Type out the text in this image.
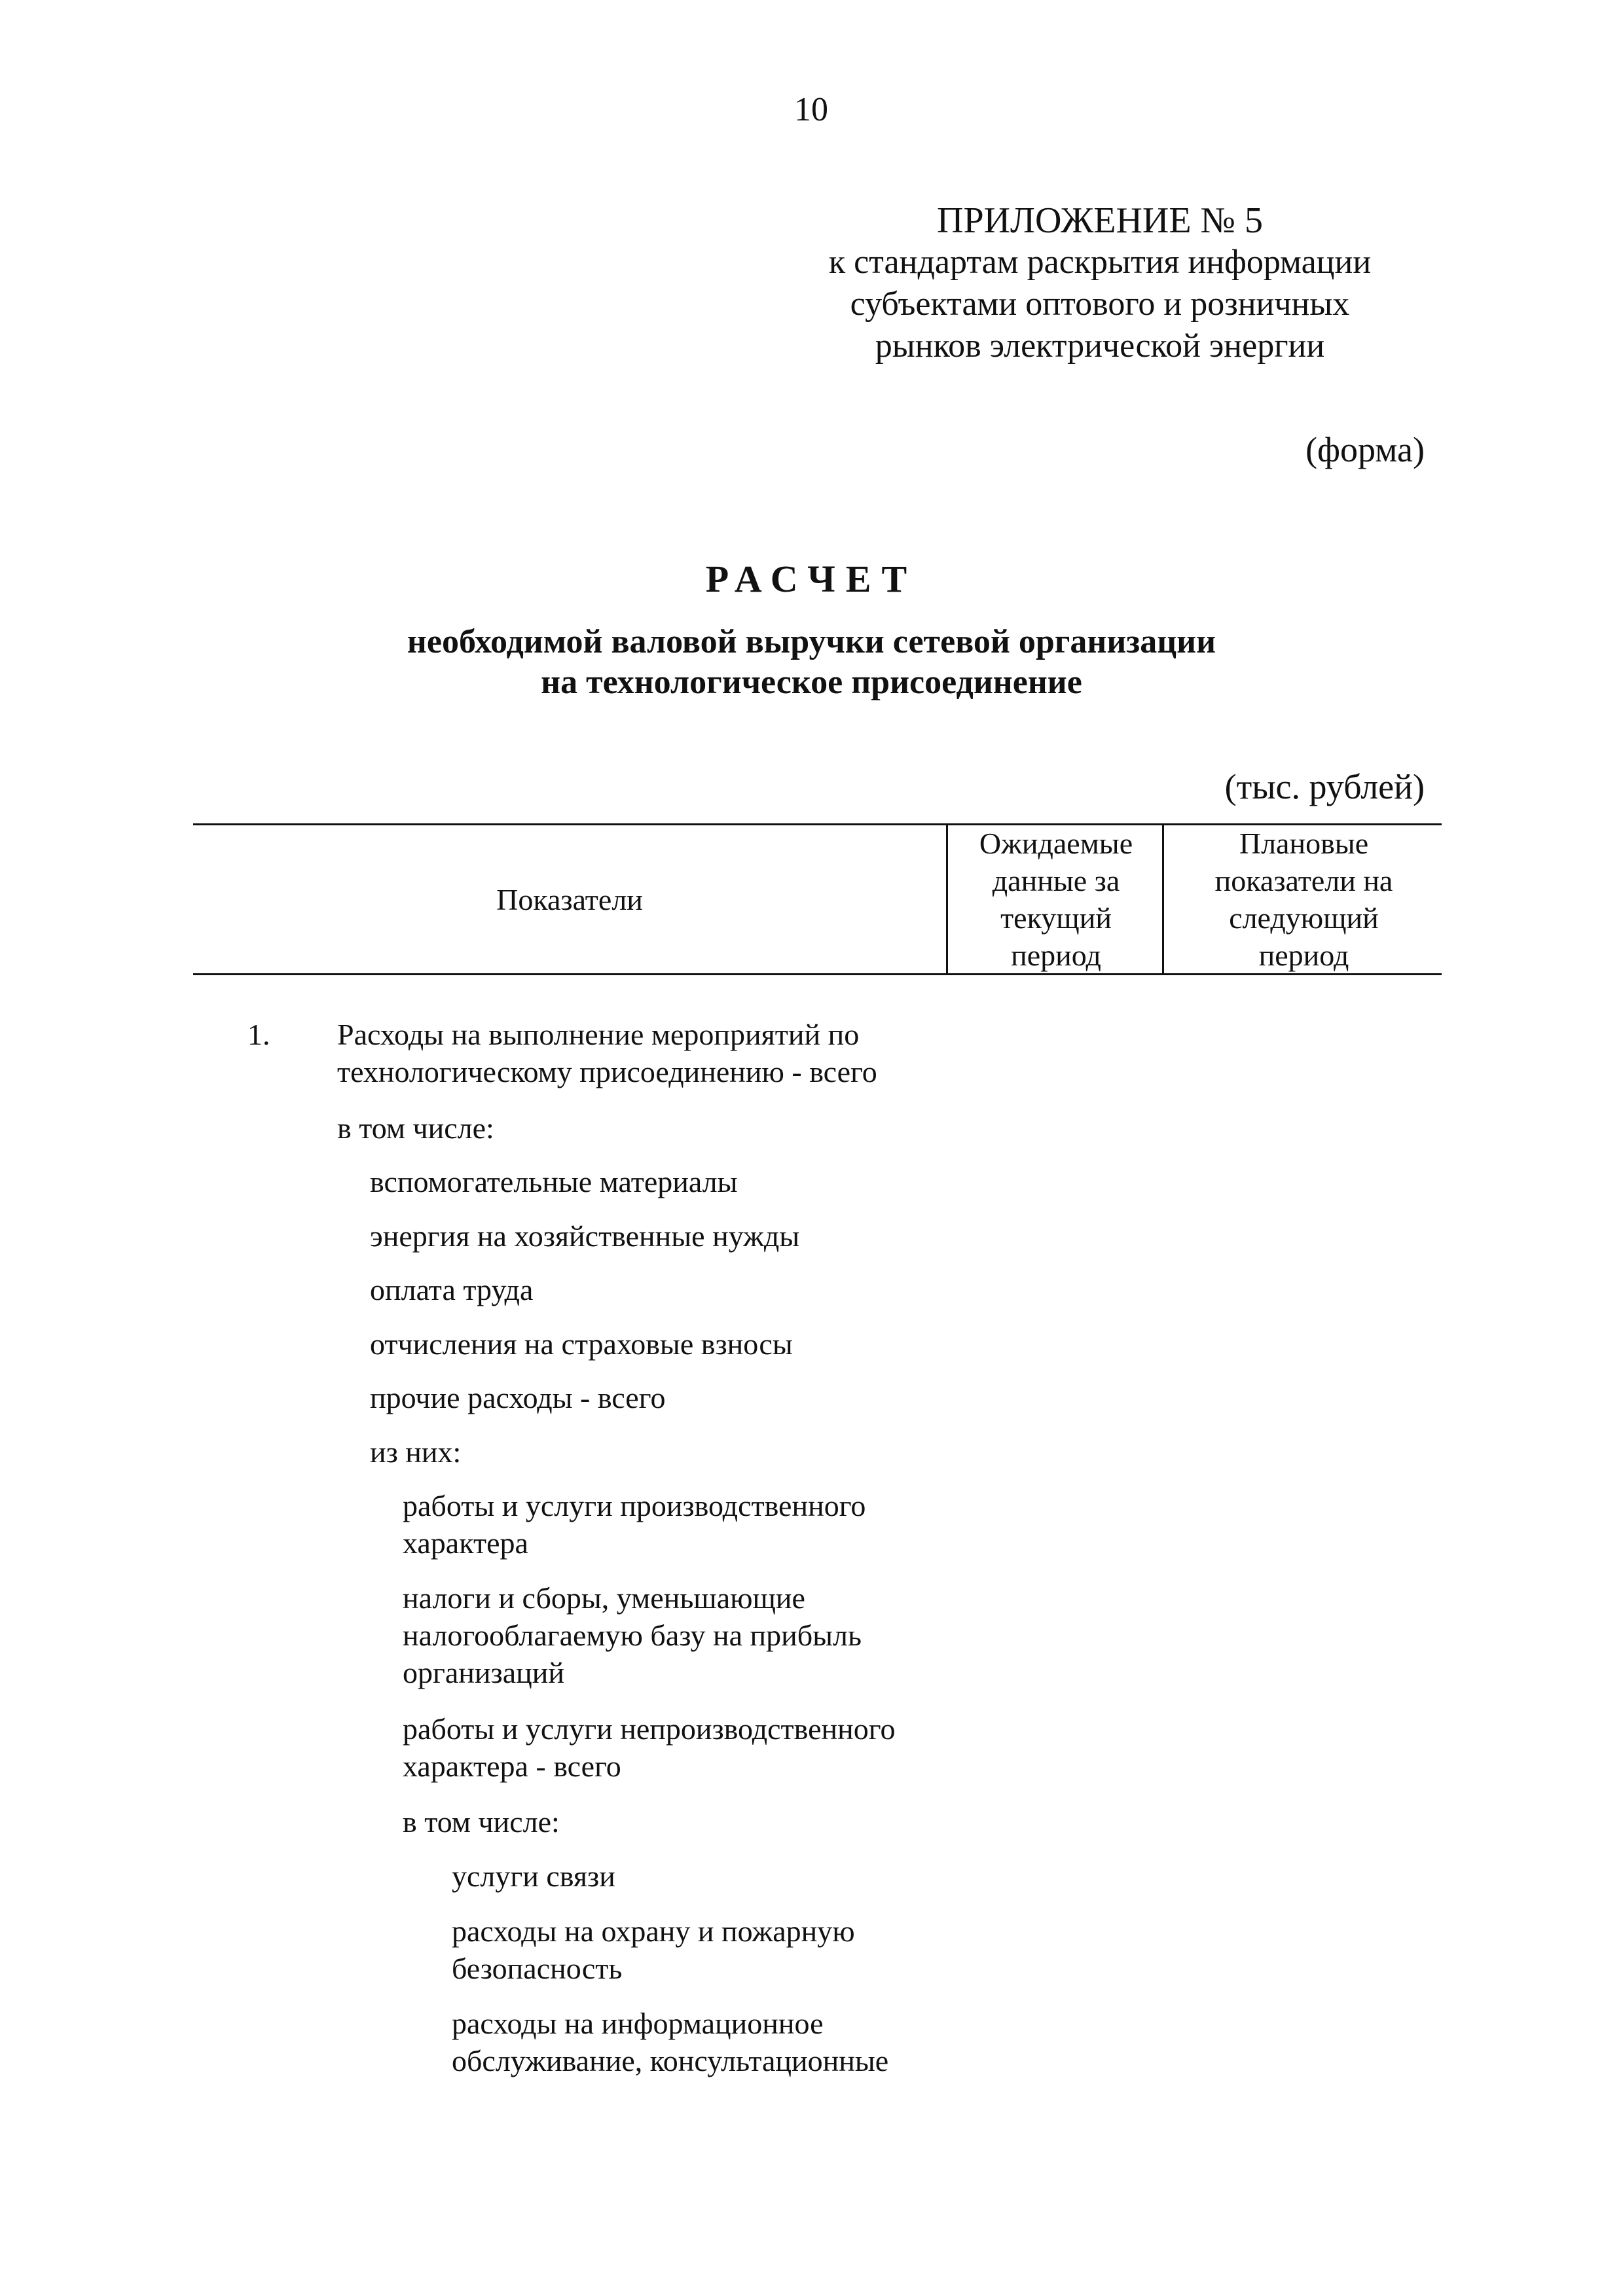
10
ПРИЛОЖЕНИЕ № 5
к стандартам раскрытия информации
субъектами оптового и розничных
рынков электрической энергии
(форма)
РАСЧЕТ
необходимой валовой выручки сетевой организации
на технологическое присоединение
(тыс. рублей)
Показатели
Ожидаемые данные за текущий период
Плановые показатели на следующий период
1. Расходы на выполнение мероприятий по технологическому присоединению - всего
в том числе:
вспомогательные материалы
энергия на хозяйственные нужды
оплата труда
отчисления на страховые взносы
прочие расходы - всего
из них:
работы и услуги производственного характера
налоги и сборы, уменьшающие налогооблагаемую базу на прибыль организаций
работы и услуги непроизводственного характера - всего
в том числе:
услуги связи
расходы на охрану и пожарную безопасность
расходы на информационное обслуживание, консультационные
